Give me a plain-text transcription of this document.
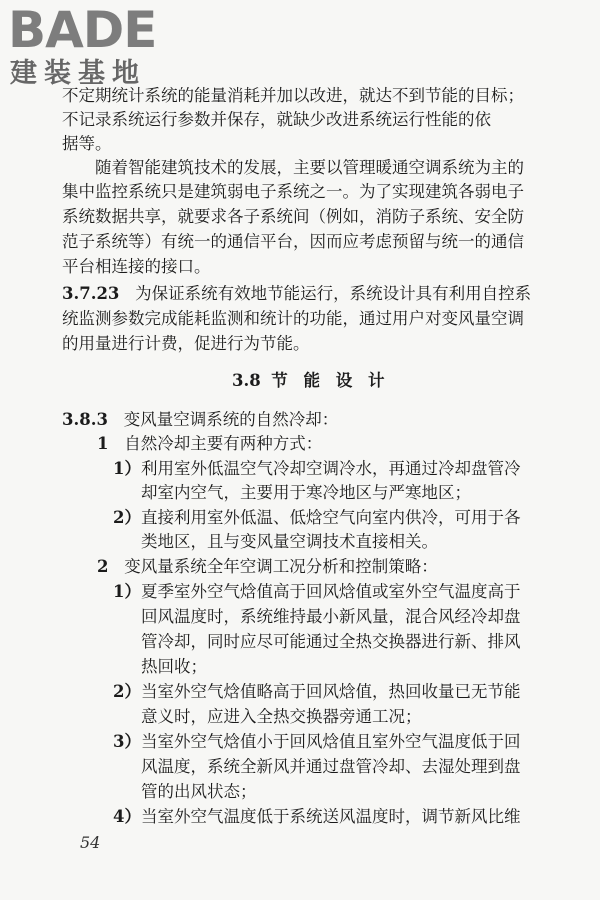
BADE
建装基地
不定期统计系统的能量消耗并加以改进，就达不到节能的目标；
不记录系统运行参数并保存，就缺少改进系统运行性能的依
据等。
随着智能建筑技术的发展，主要以管理暖通空调系统为主的
集中监控系统只是建筑弱电子系统之一。为了实现建筑各弱电子
系统数据共享，就要求各子系统间（例如，消防子系统、安全防
范子系统等）有统一的通信平台，因而应考虑预留与统一的通信
平台相连接的接口。
3.7.23 为保证系统有效地节能运行，系统设计具有利用自控系
统监测参数完成能耗监测和统计的功能，通过用户对变风量空调
的用量进行计费，促进行为节能。
3.8 节 能 设 计
3.8.3 变风量空调系统的自然冷却：
1 自然冷却主要有两种方式：
1）利用室外低温空气冷却空调冷水，再通过冷却盘管冷
却室内空气，主要用于寒冷地区与严寒地区；
2）直接利用室外低温、低焓空气向室内供冷，可用于各
类地区，且与变风量空调技术直接相关。
2 变风量系统全年空调工况分析和控制策略：
1）夏季室外空气焓值高于回风焓值或室外空气温度高于
回风温度时，系统维持最小新风量，混合风经冷却盘
管冷却，同时应尽可能通过全热交换器进行新、排风
热回收；
2）当室外空气焓值略高于回风焓值，热回收量已无节能
意义时，应进入全热交换器旁通工况；
3）当室外空气焓值小于回风焓值且室外空气温度低于回
风温度，系统全新风并通过盘管冷却、去湿处理到盘
管的出风状态；
4）当室外空气温度低于系统送风温度时，调节新风比维
54
